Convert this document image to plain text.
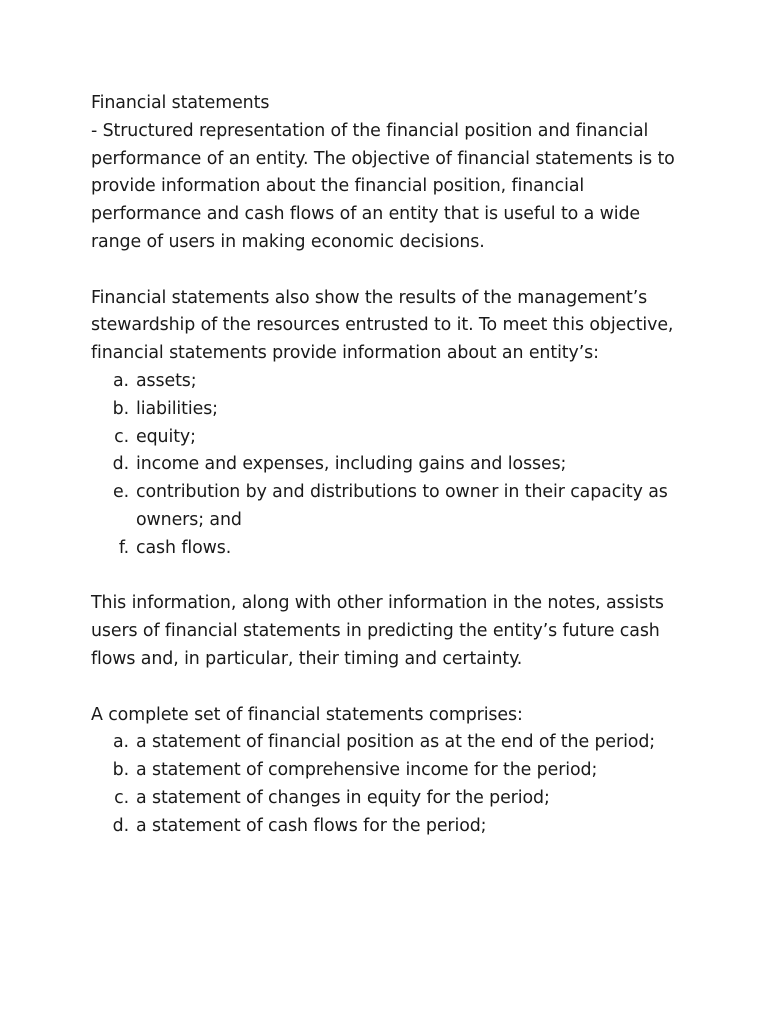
Financial statements

- Structured representation of the financial position and financial performance of an entity. The objective of financial statements is to provide information about the financial position, financial performance and cash flows of an entity that is useful to a wide range of users in making economic decisions.

Financial statements also show the results of the management’s stewardship of the resources entrusted to it. To meet this objective, financial statements provide information about an entity’s:

a. assets;
b. liabilities;
c. equity;
d. income and expenses, including gains and losses;
e. contribution by and distributions to owner in their capacity as owners; and
f. cash flows.

This information, along with other information in the notes, assists users of financial statements in predicting the entity’s future cash flows and, in particular, their timing and certainty.

A complete set of financial statements comprises:

a. a statement of financial position as at the end of the period;
b. a statement of comprehensive income for the period;
c. a statement of changes in equity for the period;
d. a statement of cash flows for the period;
